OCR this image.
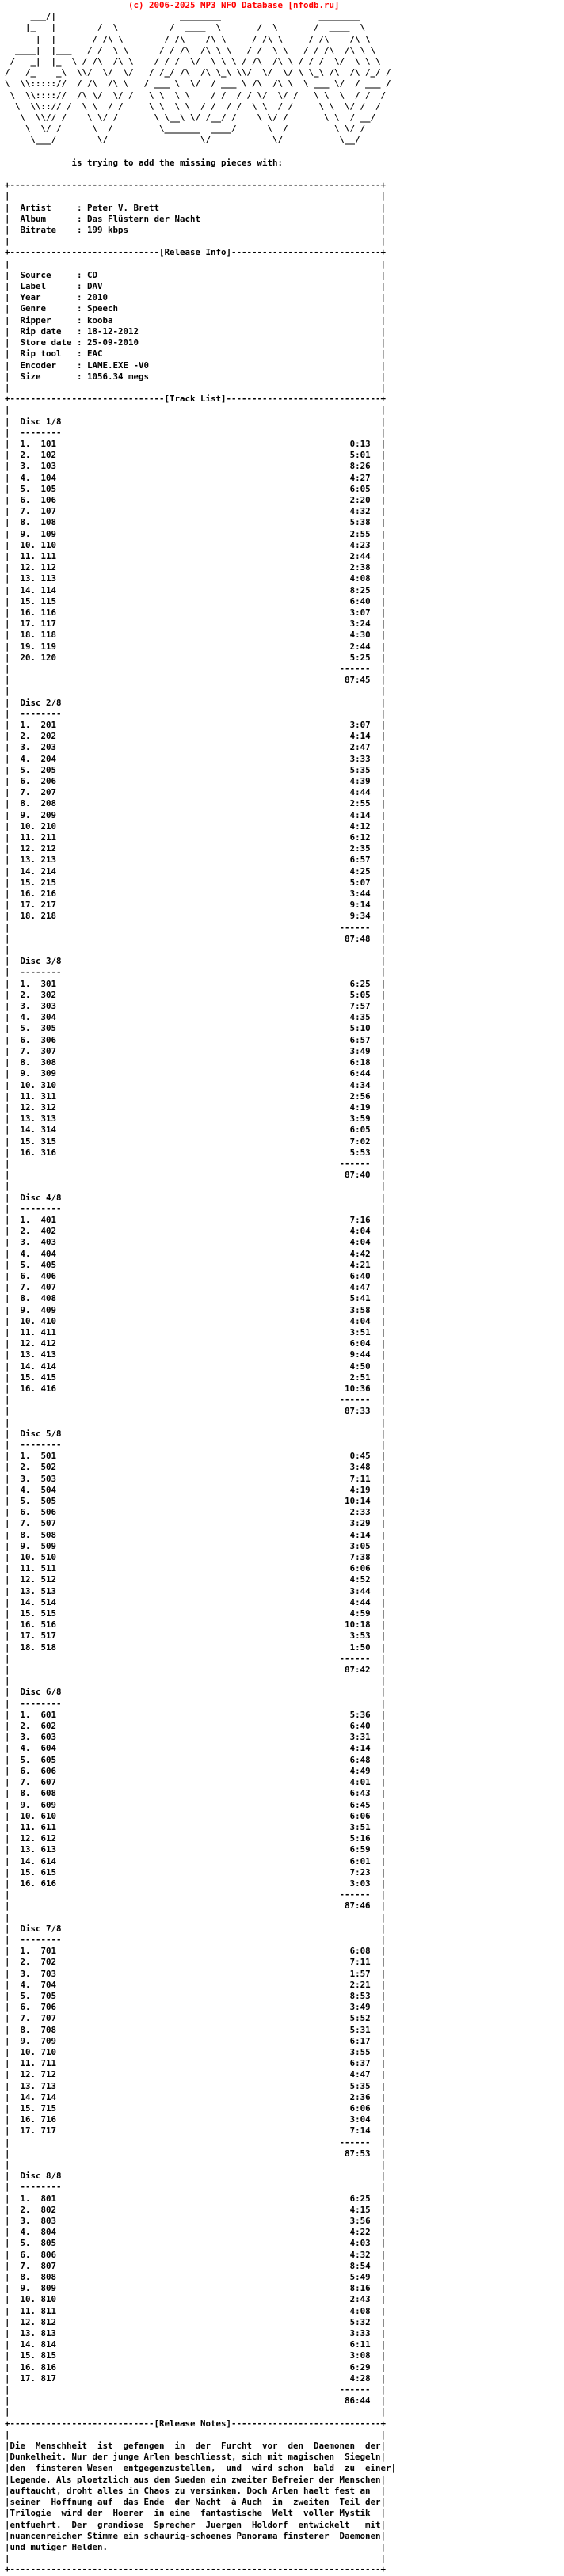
(c) 2006-2025 MP3 NFO Database [nfodb.ru]
___/|                        ________                   ________
|_   |        /  \          /  ____  \       /  \       /  ____  \
|  |       / /\ \        / /\    /\ \     / /\ \     / /\    /\ \
____|  |___   / /  \ \      / / /\  /\ \ \   / /  \ \   / / /\  /\ \ \
/   _|  |_  \ / /\  /\ \    / / /  \/  \ \ \ / /\  /\ \ / / /  \/  \ \ \
/   /_    _\  \\/  \/  \/   / /_/ /\  /\ \_\ \\/  \/  \/ \ \_\ /\  /\ /_/ /
\  \\::::://  / /\  /\ \   / ___ \  \/  / ___ \ /\  /\ \  \ ___ \/  / ___ /
\  \\:::://  /\ \/  \/ /   \ \  \ \    / /  / / \/  \/ /   \ \  \  / /  /
\  \\::// /  \ \  / /     \ \  \ \  / /  / /  \ \  / /     \ \  \/ /  /
\  \\// /    \ \/ /       \ \__\ \/ /__/ /    \ \/ /       \ \  / __/
\  \/ /      \  /         \_______  ____/      \  /         \ \/ /
\___/        \/                  \/            \/           \__/

is trying to add the missing pieces with:

+------------------------------------------------------------------------+
|                                                                        |
|  Artist     : Peter V. Brett	|
|  Album      : Das Flüstern der Nacht	|
|  Bitrate    : 199 kbps	|
|                                                                        |
+-----------------------------[Release Info]-----------------------------+
|                                                                        |
|  Source     : CD	|
|  Label      : DAV	|
|  Year       : 2010	|
|  Genre      : Speech	|
|  Ripper     : kooba	|
|  Rip date   : 18-12-2012	|
|  Store date : 25-09-2010	|
|  Rip tool   : EAC	|
|  Encoder    : LAME.EXE -V0	|
|  Size       : 1056.34 megs	|
|                                                                        |
+------------------------------[Track List]------------------------------+
|                                                                        |
|  Disc 1/8	|
|  --------                                                              |
|  1. 101	0:13  |
|  2. 102	5:01  |
|  3. 103	8:26  |
|  4. 104	4:27  |
|  5. 105	6:05  |
|  6. 106	2:20  |
|  7. 107	4:32  |
|  8. 108	5:38  |
|  9. 109	2:55  |
|  10. 110	4:23  |
|  11. 111	2:44  |
|  12. 112	2:38  |
|  13. 113	4:08  |
|  14. 114	8:25  |
|  15. 115	6:40  |
|  16. 116	3:07  |
|  17. 117	3:24  |
|  18. 118	4:30  |
|  19. 119	2:44  |
|  20. 120	5:25  |
|                                                                ------  |
|                                                                 87:45  |
|                                                                        |
|  Disc 2/8	|
|  --------                                                              |
|  1. 201	3:07  |
|  2. 202	4:14  |
|  3. 203	2:47  |
|  4. 204	3:33  |
|  5. 205	5:35  |
|  6. 206	4:39  |
|  7. 207	4:44  |
|  8. 208	2:55  |
|  9. 209	4:14  |
|  10. 210	4:12  |
|  11. 211	6:12  |
|  12. 212	2:35  |
|  13. 213	6:57  |
|  14. 214	4:25  |
|  15. 215	5:07  |
|  16. 216	3:44  |
|  17. 217	9:14  |
|  18. 218	9:34  |
|                                                                ------  |
|                                                                 87:48  |
|                                                                        |
|  Disc 3/8	|
|  --------                                                              |
|  1. 301	6:25  |
|  2. 302	5:05  |
|  3. 303	7:57  |
|  4. 304	4:35  |
|  5. 305	5:10  |
|  6. 306	6:57  |
|  7. 307	3:49  |
|  8. 308	6:18  |
|  9. 309	6:44  |
|  10. 310	4:34  |
|  11. 311	2:56  |
|  12. 312	4:19  |
|  13. 313	3:59  |
|  14. 314	6:05  |
|  15. 315	7:02  |
|  16. 316	5:53  |
|                                                                ------  |
|                                                                 87:40  |
|                                                                        |
|  Disc 4/8	|
|  --------                                                              |
|  1. 401	7:16  |
|  2. 402	4:04  |
|  3. 403	4:04  |
|  4. 404	4:42  |
|  5. 405	4:21  |
|  6. 406	6:40  |
|  7. 407	4:47  |
|  8. 408	5:41  |
|  9. 409	3:58  |
|  10. 410	4:04  |
|  11. 411	3:51  |
|  12. 412	6:04  |
|  13. 413	9:44  |
|  14. 414	4:50  |
|  15. 415	2:51  |
|  16. 416	10:36  |
|                                                                ------  |
|                                                                 87:33  |
|                                                                        |
|  Disc 5/8	|
|  --------                                                              |
|  1. 501	0:45  |
|  2. 502	3:48  |
|  3. 503	7:11  |
|  4. 504	4:19  |
|  5. 505	10:14  |
|  6. 506	2:33  |
|  7. 507	3:29  |
|  8. 508	4:14  |
|  9. 509	3:05  |
|  10. 510	7:38  |
|  11. 511	6:06  |
|  12. 512	4:52  |
|  13. 513	3:44  |
|  14. 514	4:44  |
|  15. 515	4:59  |
|  16. 516	10:18  |
|  17. 517	3:53  |
|  18. 518	1:50  |
|                                                                ------  |
|                                                                 87:42  |
|                                                                        |
|  Disc 6/8	|
|  --------                                                              |
|  1. 601	5:36  |
|  2. 602	6:40  |
|  3. 603	3:31  |
|  4. 604	4:14  |
|  5. 605	6:48  |
|  6. 606	4:49  |
|  7. 607	4:01  |
|  8. 608	6:43  |
|  9. 609	6:45  |
|  10. 610	6:06  |
|  11. 611	3:51  |
|  12. 612	5:16  |
|  13. 613	6:59  |
|  14. 614	6:01  |
|  15. 615	7:23  |
|  16. 616	3:03  |
|                                                                ------  |
|                                                                 87:46  |
|                                                                        |
|  Disc 7/8	|
|  --------                                                              |
|  1. 701	6:08  |
|  2. 702	7:11  |
|  3. 703	1:57  |
|  4. 704	2:21  |
|  5. 705	8:53  |
|  6. 706	3:49  |
|  7. 707	5:52  |
|  8. 708	5:31  |
|  9. 709	6:17  |
|  10. 710	3:55  |
|  11. 711	6:37  |
|  12. 712	4:47  |
|  13. 713	5:35  |
|  14. 714	2:36  |
|  15. 715	6:06  |
|  16. 716	3:04  |
|  17. 717	7:14  |
|                                                                ------  |
|                                                                 87:53  |
|                                                                        |
|  Disc 8/8	|
|  --------                                                              |
|  1. 801	6:25  |
|  2. 802	4:15  |
|  3. 803	3:56  |
|  4. 804	4:22  |
|  5. 805	4:03  |
|  6. 806	4:32  |
|  7. 807	8:54  |
|  8. 808	5:49  |
|  9. 809	8:16  |
|  10. 810	2:43  |
|  11. 811	4:08  |
|  12. 812	5:32  |
|  13. 813	3:33  |
|  14. 814	6:11  |
|  15. 815	3:08  |
|  16. 816	6:29  |
|  17. 817	4:28  |
|                                                                ------  |
|                                                                 86:44  |
|                                                                        |
+----------------------------[Release Notes]-----------------------------+
|                                                                        |
|Die  Menschheit  ist  gefangen  in  der  Furcht  vor  den  Daemonen  der|
|Dunkelheit. Nur der junge Arlen beschliesst, sich mit magischen  Siegeln|
|den  finsteren Wesen  entgegenzustellen,  und  wird schon  bald  zu  einer|
|Legende. Als ploetzlich aus dem Sueden ein zweiter Befreier der Menschen|
|auftaucht, droht alles in Chaos zu versinken. Doch Arlen haelt fest an  |
|seiner  Hoffnung auf  das Ende  der Nacht  à Auch  in  zweiten  Teil der|
|Trilogie  wird der  Hoerer  in eine  fantastische  Welt  voller Mystik  |
|entfuehrt.  Der  grandiose  Sprecher  Juergen  Holdorf  entwickelt   mit|
|nuancenreicher Stimme ein schaurig-schoenes Panorama finsterer  Daemonen|
|und mutiger Helden.	|
|                                                                        |
+------------------------------------------------------------------------+
